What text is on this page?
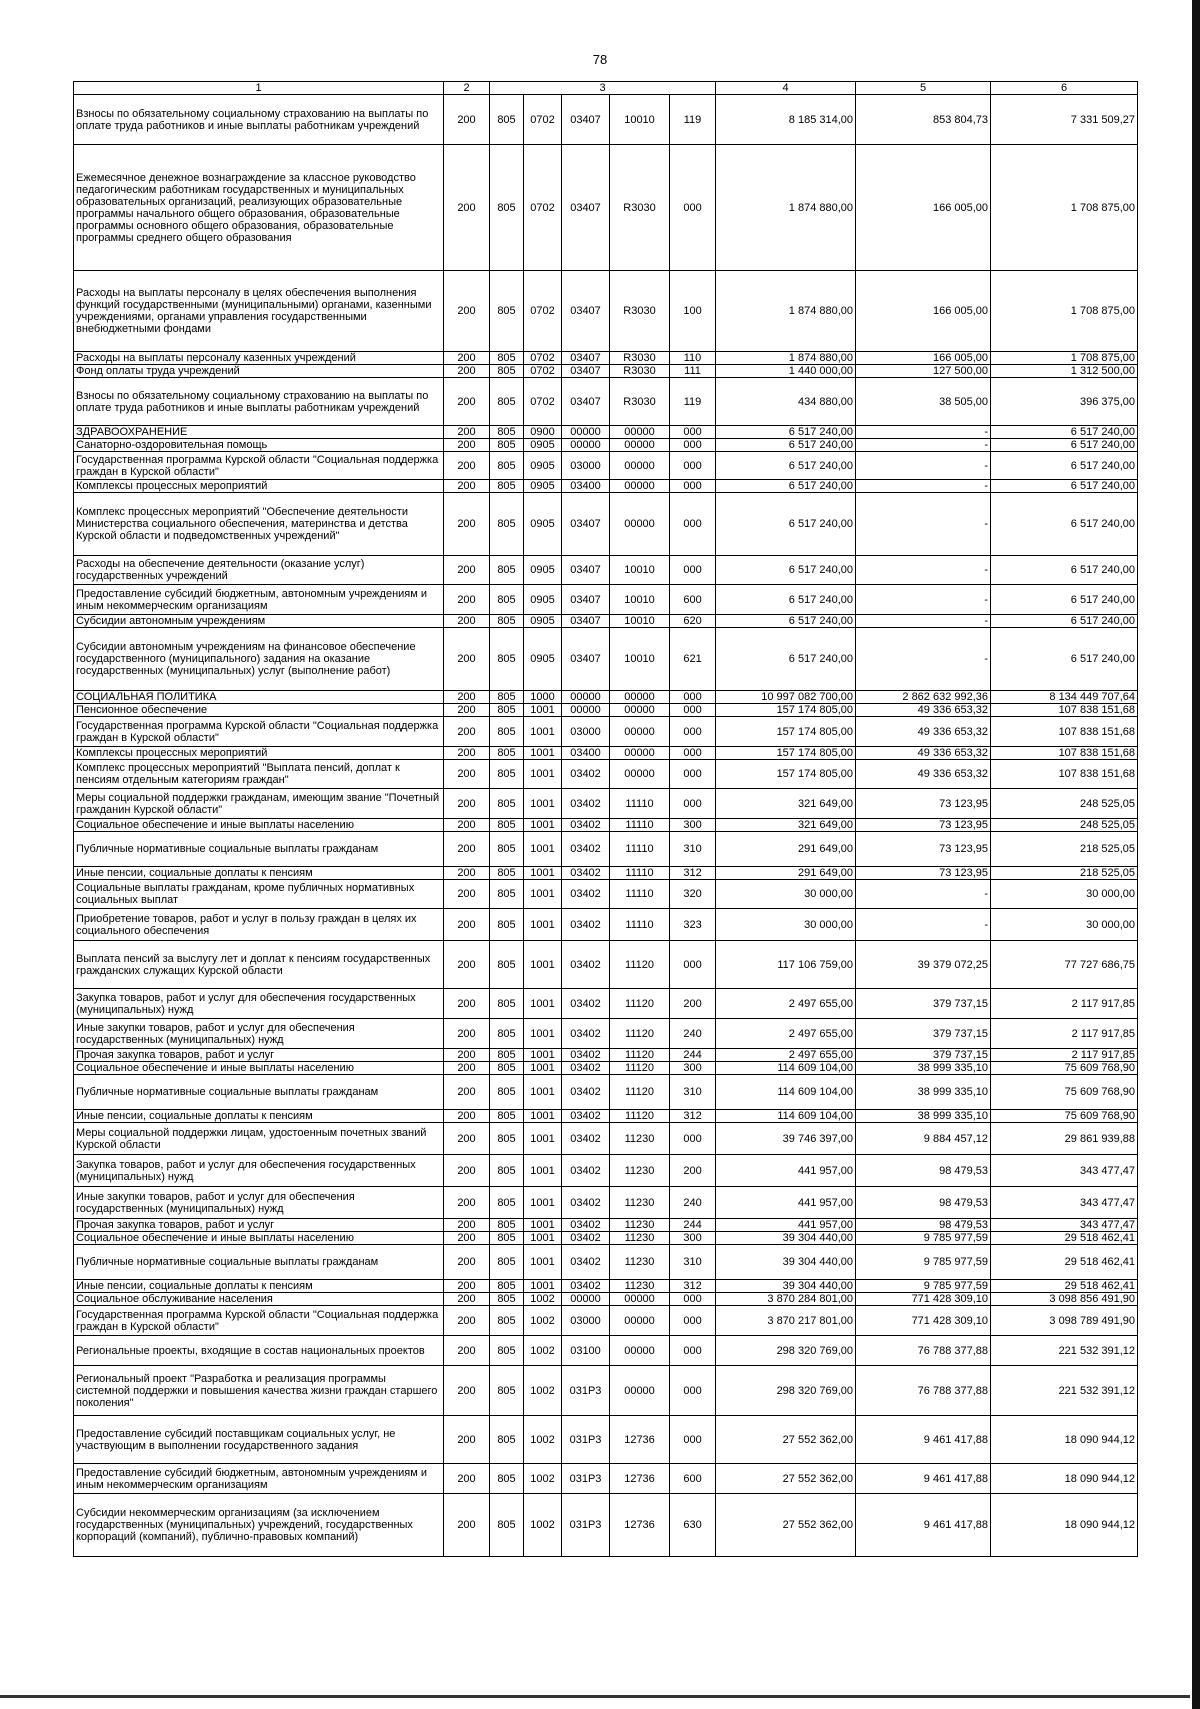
78
1	2	3					4	5	6
Взносы по обязательному социальному страхованию на выплаты по оплате труда работников и иные выплаты работникам учреждений	200	805	0702	03407	10010	119	8 185 314,00	853 804,73	7 331 509,27
Ежемесячное денежное вознаграждение за классное руководство педагогическим работникам государственных и муниципальных образовательных организаций, реализующих образовательные программы начального общего образования, образовательные программы основного общего образования, образовательные программы среднего общего образования	200	805	0702	03407	R3030	000	1 874 880,00	166 005,00	1 708 875,00
Расходы на выплаты персоналу в целях обеспечения выполнения функций государственными (муниципальными) органами, казенными учреждениями, органами управления государственными внебюджетными фондами	200	805	0702	03407	R3030	100	1 874 880,00	166 005,00	1 708 875,00
Расходы на выплаты персоналу казенных учреждений	200	805	0702	03407	R3030	110	1 874 880,00	166 005,00	1 708 875,00
Фонд оплаты труда учреждений	200	805	0702	03407	R3030	111	1 440 000,00	127 500,00	1 312 500,00
Взносы по обязательному социальному страхованию на выплаты по оплате труда работников и иные выплаты работникам учреждений	200	805	0702	03407	R3030	119	434 880,00	38 505,00	396 375,00
ЗДРАВООХРАНЕНИЕ	200	805	0900	00000	00000	000	6 517 240,00	-	6 517 240,00
Санаторно-оздоровительная помощь	200	805	0905	00000	00000	000	6 517 240,00	-	6 517 240,00
Государственная программа Курской области "Социальная поддержка граждан в Курской области"	200	805	0905	03000	00000	000	6 517 240,00	-	6 517 240,00
Комплексы процессных мероприятий	200	805	0905	03400	00000	000	6 517 240,00	-	6 517 240,00
Комплекс процессных мероприятий "Обеспечение деятельности Министерства социального обеспечения, материнства и детства Курской области и подведомственных учреждений"	200	805	0905	03407	00000	000	6 517 240,00	-	6 517 240,00
Расходы на обеспечение деятельности (оказание услуг) государственных учреждений	200	805	0905	03407	10010	000	6 517 240,00	-	6 517 240,00
Предоставление субсидий бюджетным, автономным учреждениям и иным некоммерческим организациям	200	805	0905	03407	10010	600	6 517 240,00	-	6 517 240,00
Субсидии автономным учреждениям	200	805	0905	03407	10010	620	6 517 240,00	-	6 517 240,00
Субсидии автономным учреждениям на финансовое обеспечение государственного (муниципального) задания на оказание государственных (муниципальных) услуг (выполнение работ)	200	805	0905	03407	10010	621	6 517 240,00	-	6 517 240,00
СОЦИАЛЬНАЯ ПОЛИТИКА	200	805	1000	00000	00000	000	10 997 082 700,00	2 862 632 992,36	8 134 449 707,64
Пенсионное обеспечение	200	805	1001	00000	00000	000	157 174 805,00	49 336 653,32	107 838 151,68
Государственная программа Курской области "Социальная поддержка граждан в Курской области"	200	805	1001	03000	00000	000	157 174 805,00	49 336 653,32	107 838 151,68
Комплексы процессных мероприятий	200	805	1001	03400	00000	000	157 174 805,00	49 336 653,32	107 838 151,68
Комплекс процессных мероприятий "Выплата пенсий, доплат к пенсиям отдельным категориям граждан"	200	805	1001	03402	00000	000	157 174 805,00	49 336 653,32	107 838 151,68
Меры социальной поддержки гражданам, имеющим звание "Почетный гражданин Курской области"	200	805	1001	03402	11110	000	321 649,00	73 123,95	248 525,05
Социальное обеспечение и иные выплаты населению	200	805	1001	03402	11110	300	321 649,00	73 123,95	248 525,05
Публичные нормативные социальные выплаты гражданам	200	805	1001	03402	11110	310	291 649,00	73 123,95	218 525,05
Иные пенсии, социальные доплаты к пенсиям	200	805	1001	03402	11110	312	291 649,00	73 123,95	218 525,05
Социальные выплаты гражданам, кроме публичных нормативных социальных выплат	200	805	1001	03402	11110	320	30 000,00	-	30 000,00
Приобретение товаров, работ и услуг в пользу граждан в целях их социального обеспечения	200	805	1001	03402	11110	323	30 000,00	-	30 000,00
Выплата пенсий за выслугу лет и доплат к пенсиям государственных гражданских служащих Курской области	200	805	1001	03402	11120	000	117 106 759,00	39 379 072,25	77 727 686,75
Закупка товаров, работ и услуг для обеспечения государственных (муниципальных) нужд	200	805	1001	03402	11120	200	2 497 655,00	379 737,15	2 117 917,85
Иные закупки товаров, работ и услуг для обеспечения государственных (муниципальных) нужд	200	805	1001	03402	11120	240	2 497 655,00	379 737,15	2 117 917,85
Прочая закупка товаров, работ и услуг	200	805	1001	03402	11120	244	2 497 655,00	379 737,15	2 117 917,85
Социальное обеспечение и иные выплаты населению	200	805	1001	03402	11120	300	114 609 104,00	38 999 335,10	75 609 768,90
Публичные нормативные социальные выплаты гражданам	200	805	1001	03402	11120	310	114 609 104,00	38 999 335,10	75 609 768,90
Иные пенсии, социальные доплаты к пенсиям	200	805	1001	03402	11120	312	114 609 104,00	38 999 335,10	75 609 768,90
Меры социальной поддержки лицам, удостоенным почетных званий Курской области	200	805	1001	03402	11230	000	39 746 397,00	9 884 457,12	29 861 939,88
Закупка товаров, работ и услуг для обеспечения государственных (муниципальных) нужд	200	805	1001	03402	11230	200	441 957,00	98 479,53	343 477,47
Иные закупки товаров, работ и услуг для обеспечения государственных (муниципальных) нужд	200	805	1001	03402	11230	240	441 957,00	98 479,53	343 477,47
Прочая закупка товаров, работ и услуг	200	805	1001	03402	11230	244	441 957,00	98 479,53	343 477,47
Социальное обеспечение и иные выплаты населению	200	805	1001	03402	11230	300	39 304 440,00	9 785 977,59	29 518 462,41
Публичные нормативные социальные выплаты гражданам	200	805	1001	03402	11230	310	39 304 440,00	9 785 977,59	29 518 462,41
Иные пенсии, социальные доплаты к пенсиям	200	805	1001	03402	11230	312	39 304 440,00	9 785 977,59	29 518 462,41
Социальное обслуживание населения	200	805	1002	00000	00000	000	3 870 284 801,00	771 428 309,10	3 098 856 491,90
Государственная программа Курской области "Социальная поддержка граждан в Курской области"	200	805	1002	03000	00000	000	3 870 217 801,00	771 428 309,10	3 098 789 491,90
Региональные проекты, входящие в состав национальных проектов	200	805	1002	03100	00000	000	298 320 769,00	76 788 377,88	221 532 391,12
Региональный проект "Разработка и реализация программы системной поддержки и повышения качества жизни граждан старшего поколения"	200	805	1002	031P3	00000	000	298 320 769,00	76 788 377,88	221 532 391,12
Предоставление субсидий поставщикам социальных услуг, не участвующим в выполнении государственного задания	200	805	1002	031P3	12736	000	27 552 362,00	9 461 417,88	18 090 944,12
Предоставление субсидий бюджетным, автономным учреждениям и иным некоммерческим организациям	200	805	1002	031P3	12736	600	27 552 362,00	9 461 417,88	18 090 944,12
Субсидии некоммерческим организациям (за исключением государственных (муниципальных) учреждений, государственных корпораций (компаний), публично-правовых компаний)	200	805	1002	031P3	12736	630	27 552 362,00	9 461 417,88	18 090 944,12
